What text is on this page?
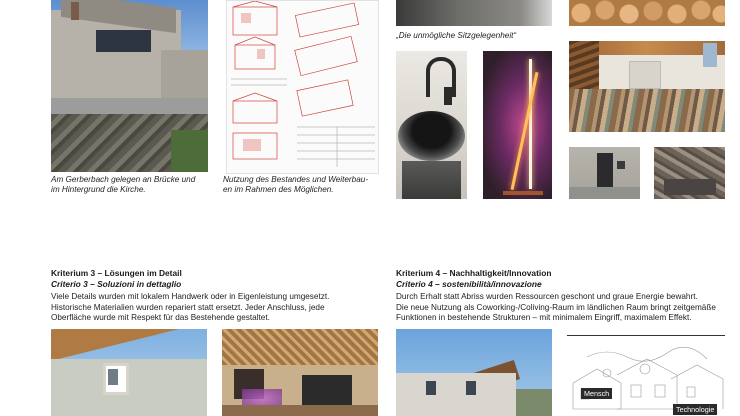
Am Gerberbach gelegen an Brücke und
im Hintergrund die Kirche.
Nutzung des Bestandes und Weiterbau-
en im Rahmen des Möglichen.
„Die unmögliche Sitzgelegenheit“
Kriterium 3 – Lösungen im Detail
Criterio 3 – Soluzioni in dettaglio
Viele Details wurden mit lokalem Handwerk oder in Eigenleistung umgesetzt.
Historische Materialien wurden repariert statt ersetzt. Jeder Anschluss, jede
Oberfläche wurde mit Respekt für das Bestehende gestaltet.
Kriterium 4 – Nachhaltigkeit/Innovation
Criterio 4 – sostenibilità/innovazione
Durch Erhalt statt Abriss wurden Ressourcen geschont und graue Energie bewahrt.
Die neue Nutzung als Coworking-/Coliving-Raum im ländlichen Raum bringt zeitgemäße
Funktionen in bestehende Strukturen – mit minimalem Eingriff, maximalem Effekt.
Mensch
Technologie
